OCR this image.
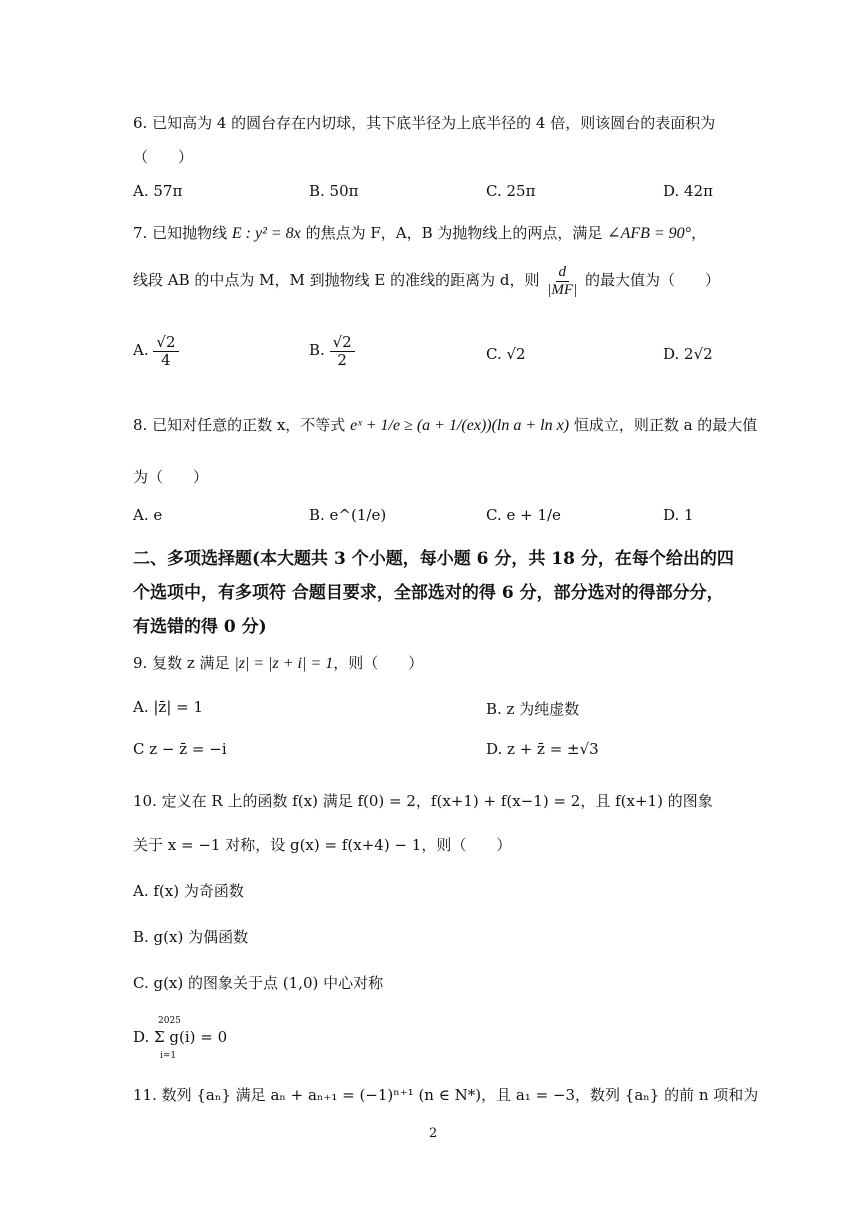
6. 已知高为 4 的圆台存在内切球，其下底半径为上底半径的 4 倍，则该圆台的表面积为
（　　）
A. 57π	B. 50π	C. 25π	D. 42π
7. 已知抛物线 E : y² = 8x 的焦点为 F，A，B 为抛物线上的两点，满足 ∠AFB = 90°，
线段 AB 的中点为 M，M 到抛物线 E 的准线的距离为 d，则 $\frac{d}{|MF|}$ 的最大值为（　　）
A. $\frac{√2}{4}$	B. $\frac{√2}{2}$	C. √2	D. 2√2
8. 已知对任意的正数 x，不等式 eˣ + 1/e ≥ (a + 1/(ex))(ln a + ln x) 恒成立，则正数 a 的最大值
为（　　）
A. e	B. e^(1/e)	C. e + 1/e	D. 1
二、多项选择题(本大题共 3 个小题，每小题 6 分，共 18 分，在每个给出的四
个选项中，有多项符 合题目要求，全部选对的得 6 分，部分选对的得部分分，
有选错的得 0 分)
9. 复数 z 满足 |z| = |z + i| = 1，则（　　）
A. |z̄| = 1	B. z 为纯虚数
C z − z̄ = −i	D. z + z̄ = ±√3
10. 定义在 R 上的函数 f(x) 满足 f(0) = 2，f(x+1) + f(x−1) = 2，且 f(x+1) 的图象
关于 x = −1 对称，设 g(x) = f(x+4) − 1，则（　　）
A. f(x) 为奇函数
B. g(x) 为偶函数
C. g(x) 的图象关于点 (1,0) 中心对称
2025
D. Σ g(i) = 0
i=1
11. 数列 {aₙ} 满足 aₙ + aₙ₊₁ = (−1)ⁿ⁺¹ (n ∈ N*)，且 a₁ = −3，数列 {aₙ} 的前 n 项和为
2
